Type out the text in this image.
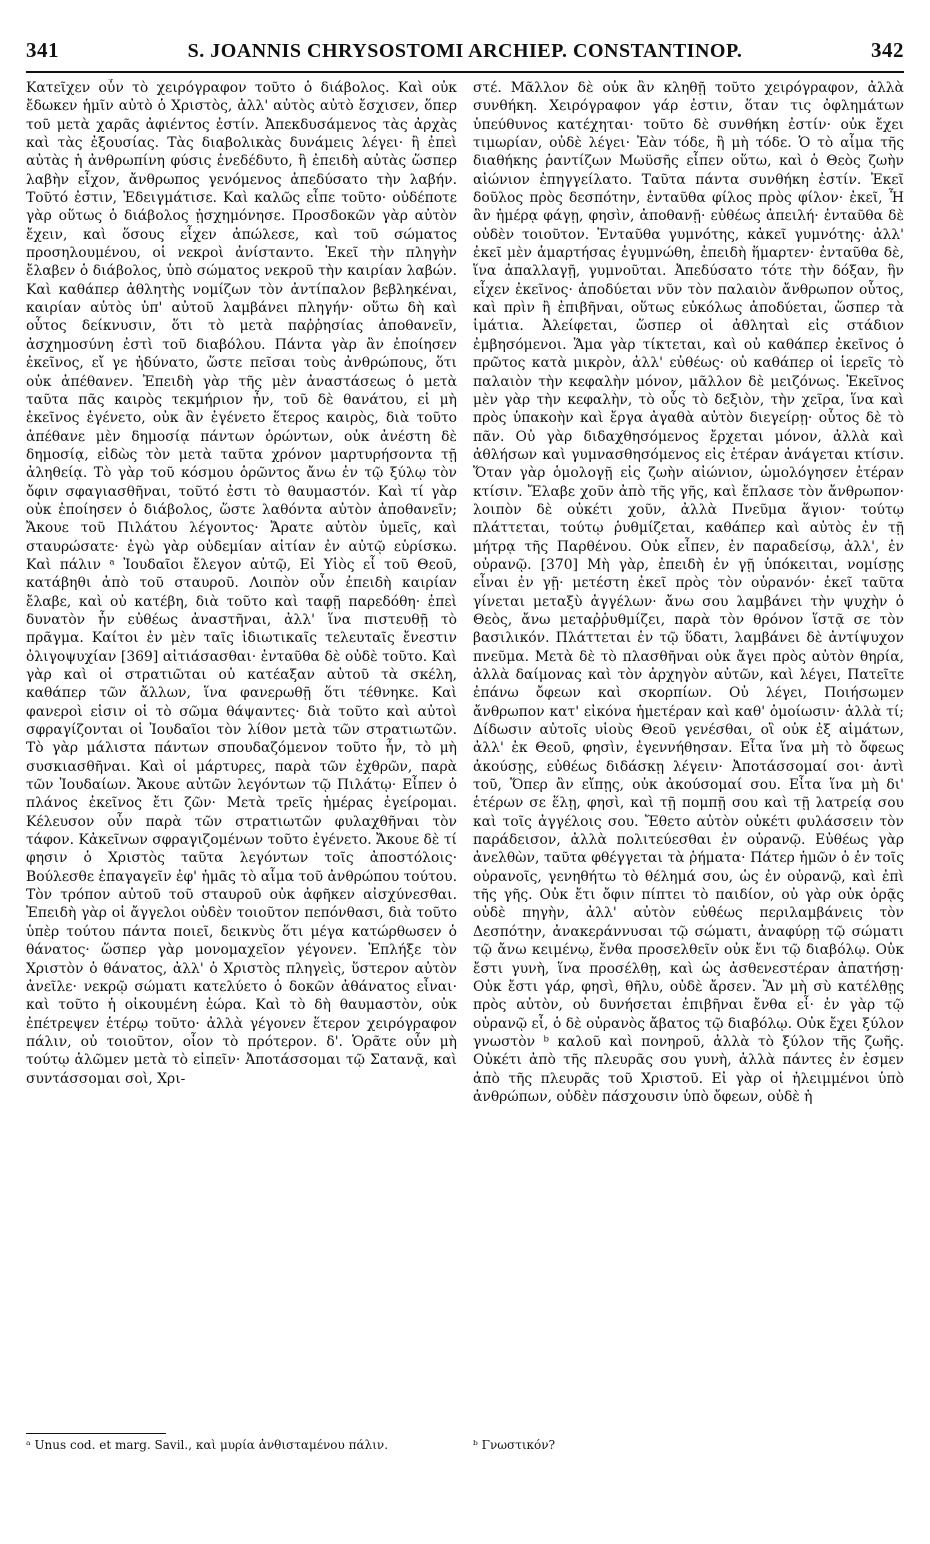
341	S. JOANNIS CHRYSOSTOMI ARCHIEP. CONSTANTINOP.	342

Κατεῖχεν οὖν τὸ χειρόγραφον τοῦτο ὁ διάβολος. Καὶ οὐκ ἔδωκεν ἡμῖν αὐτὸ ὁ Χριστὸς, ἀλλ' αὐτὸς αὐτὸ ἔσχισεν, ὅπερ τοῦ μετὰ χαρᾶς ἀφιέντος ἐστίν. Ἀπεκδυσάμενος τὰς ἀρχὰς καὶ τὰς ἐξουσίας. Τὰς διαβολικὰς δυνάμεις λέγει· ἢ ἐπεὶ αὐτὰς ἡ ἀνθρωπίνη φύσις ἐνεδέδυτο, ἢ ἐπειδὴ αὐτὰς ὥσπερ λαβὴν εἶχον, ἄνθρωπος γενόμενος ἀπεδύσατο τὴν λαβήν. Τοῦτό ἐστιν, Ἐδειγμάτισε. Καὶ καλῶς εἶπε τοῦτο· οὐδέποτε γὰρ οὕτως ὁ διάβολος ᾐσχημόνησε. Προσδοκῶν γὰρ αὐτὸν ἔχειν, καὶ ὅσους εἶχεν ἀπώλεσε, καὶ τοῦ σώματος προσηλουμένου, οἱ νεκροὶ ἀνίσταντο. Ἐκεῖ τὴν πληγὴν ἔλαβεν ὁ διάβολος, ὑπὸ σώματος νεκροῦ τὴν καιρίαν λαβών. Καὶ καθάπερ ἀθλητὴς νομίζων τὸν ἀντίπαλον βεβληκέναι, καιρίαν αὐτὸς ὑπ' αὐτοῦ λαμβάνει πληγήν· οὕτω δὴ καὶ οὗτος δείκνυσιν, ὅτι τὸ μετὰ παῤῥησίας ἀποθανεῖν, ἀσχημοσύνη ἐστὶ τοῦ διαβόλου. Πάντα γὰρ ἂν ἐποίησεν ἐκεῖνος, εἴ γε ἠδύνατο, ὥστε πεῖσαι τοὺς ἀνθρώπους, ὅτι οὐκ ἀπέθανεν. Ἐπειδὴ γὰρ τῆς μὲν ἀναστάσεως ὁ μετὰ ταῦτα πᾶς καιρὸς τεκμήριον ἦν, τοῦ δὲ θανάτου, εἰ μὴ ἐκεῖνος ἐγένετο, οὐκ ἂν ἐγένετο ἕτερος καιρὸς, διὰ τοῦτο ἀπέθανε μὲν δημοσίᾳ πάντων ὁρώντων, οὐκ ἀνέστη δὲ δημοσίᾳ, εἰδὼς τὸν μετὰ ταῦτα χρόνον μαρτυρήσοντα τῇ ἀληθείᾳ. Τὸ γὰρ τοῦ κόσμου ὁρῶντος ἄνω ἐν τῷ ξύλῳ τὸν ὄφιν σφαγιασθῆναι, τοῦτό ἐστι τὸ θαυμαστόν. Καὶ τί γὰρ οὐκ ἐποίησεν ὁ διάβολος, ὥστε λαθόντα αὐτὸν ἀποθανεῖν; Ἄκουε τοῦ Πιλάτου λέγοντος· Ἄρατε αὐτὸν ὑμεῖς, καὶ σταυρώσατε· ἐγὼ γὰρ οὐδεμίαν αἰτίαν ἐν αὐτῷ εὑρίσκω. Καὶ πάλιν ᵃ Ἰουδαῖοι ἔλεγον αὐτῷ, Εἰ Υἱὸς εἶ τοῦ Θεοῦ, κατάβηθι ἀπὸ τοῦ σταυροῦ. Λοιπὸν οὖν ἐπειδὴ καιρίαν ἔλαβε, καὶ οὐ κατέβη, διὰ τοῦτο καὶ ταφῇ παρεδόθη· ἐπεὶ δυνατὸν ἦν εὐθέως ἀναστῆναι, ἀλλ' ἵνα πιστευθῇ τὸ πρᾶγμα. Καίτοι ἐν μὲν ταῖς ἰδιωτικαῖς τελευταῖς ἔνεστιν ὀλιγοψυχίαν [369] αἰτιάσασθαι· ἐνταῦθα δὲ οὐδὲ τοῦτο. Καὶ γὰρ καὶ οἱ στρατιῶται οὐ κατέαξαν αὐτοῦ τὰ σκέλη, καθάπερ τῶν ἄλλων, ἵνα φανερωθῇ ὅτι τέθνηκε. Καὶ φανεροὶ εἰσιν οἱ τὸ σῶμα θάψαντες· διὰ τοῦτο καὶ αὐτοὶ σφραγίζονται οἱ Ἰουδαῖοι τὸν λίθον μετὰ τῶν στρατιωτῶν. Τὸ γὰρ μάλιστα πάντων σπουδαζόμενον τοῦτο ἦν, τὸ μὴ συσκιασθῆναι. Καὶ οἱ μάρτυρες, παρὰ τῶν ἐχθρῶν, παρὰ τῶν Ἰουδαίων. Ἄκουε αὐτῶν λεγόντων τῷ Πιλάτῳ· Εἶπεν ὁ πλάνος ἐκεῖνος ἔτι ζῶν· Μετὰ τρεῖς ἡμέρας ἐγείρομαι. Κέλευσον οὖν παρὰ τῶν στρατιωτῶν φυλαχθῆναι τὸν τάφον. Κἀκεῖνων σφραγιζομένων τοῦτο ἐγένετο. Ἄκουε δὲ τί φησιν ὁ Χριστὸς ταῦτα λεγόντων τοῖς ἀποστόλοις· Βούλεσθε ἐπαγαγεῖν ἐφ' ἡμᾶς τὸ αἷμα τοῦ ἀνθρώπου τούτου. Τὸν τρόπον αὐτοῦ τοῦ σταυροῦ οὐκ ἀφῆκεν αἰσχύνεσθαι. Ἐπειδὴ γὰρ οἱ ἄγγελοι οὐδὲν τοιοῦτον πεπόνθασι, διὰ τοῦτο ὑπὲρ τούτου πάντα ποιεῖ, δεικνὺς ὅτι μέγα κατώρθωσεν ὁ θάνατος· ὥσπερ γὰρ μονομαχεῖον γέγονεν. Ἐπλήξε τὸν Χριστὸν ὁ θάνατος, ἀλλ' ὁ Χριστὸς πληγεὶς, ὕστερον αὐτὸν ἀνεῖλε· νεκρῷ σώματι κατελύετο ὁ δοκῶν ἀθάνατος εἶναι· καὶ τοῦτο ἡ οἰκουμένη ἑώρα. Καὶ τὸ δὴ θαυμαστὸν, οὐκ ἐπέτρεψεν ἑτέρῳ τοῦτο· ἀλλὰ γέγονεν ἕτερον χειρόγραφον πάλιν, οὐ τοιοῦτον, οἷον τὸ πρότερον. δ'. Ὁρᾶτε οὖν μὴ τούτῳ ἁλῶμεν μετὰ τὸ εἰπεῖν· Ἀποτάσσομαι τῷ Σατανᾷ, καὶ συντάσσομαι σοὶ, Χρι-

στέ. Μᾶλλον δὲ οὐκ ἂν κληθῇ τοῦτο χειρόγραφον, ἀλλὰ συνθήκη. Χειρόγραφον γάρ ἐστιν, ὅταν τις ὀφλημάτων ὑπεύθυνος κατέχηται· τοῦτο δὲ συνθήκη ἐστίν· οὐκ ἔχει τιμωρίαν, οὐδὲ λέγει· Ἐὰν τόδε, ἢ μὴ τόδε. Ὁ τὸ αἷμα τῆς διαθήκης ῥαντίζων Μωϋσῆς εἶπεν οὕτω, καὶ ὁ Θεὸς ζωὴν αἰώνιον ἐπηγγείλατο. Ταῦτα πάντα συνθήκη ἐστίν. Ἐκεῖ δοῦλος πρὸς δεσπότην, ἐνταῦθα φίλος πρὸς φίλον· ἐκεῖ, Ἧ ἂν ἡμέρᾳ φάγῃ, φησὶν, ἀποθανῇ· εὐθέως ἀπειλή· ἐνταῦθα δὲ οὐδὲν τοιοῦτον. Ἐνταῦθα γυμνότης, κἀκεῖ γυμνότης· ἀλλ' ἐκεῖ μὲν ἁμαρτήσας ἐγυμνώθη, ἐπειδὴ ἥμαρτεν· ἐνταῦθα δὲ, ἵνα ἀπαλλαγῇ, γυμνοῦται. Ἀπεδύσατο τότε τὴν δόξαν, ἣν εἶχεν ἐκεῖνος· ἀποδύεται νῦν τὸν παλαιὸν ἄνθρωπον οὗτος, καὶ πρὶν ἢ ἐπιβῆναι, οὕτως εὐκόλως ἀποδύεται, ὥσπερ τὰ ἱμάτια. Ἀλείφεται, ὥσπερ οἱ ἀθληταὶ εἰς στάδιον ἐμβησόμενοι. Ἅμα γὰρ τίκτεται, καὶ οὐ καθάπερ ἐκεῖνος ὁ πρῶτος κατὰ μικρὸν, ἀλλ' εὐθέως· οὐ καθάπερ οἱ ἱερεῖς τὸ παλαιὸν τὴν κεφαλὴν μόνον, μᾶλλον δὲ μειζόνως. Ἐκεῖνος μὲν γὰρ τὴν κεφαλὴν, τὸ οὖς τὸ δεξιὸν, τὴν χεῖρα, ἵνα καὶ πρὸς ὑπακοὴν καὶ ἔργα ἀγαθὰ αὐτὸν διεγείρῃ· οὗτος δὲ τὸ πᾶν. Οὐ γὰρ διδαχθησόμενος ἔρχεται μόνον, ἀλλὰ καὶ ἀθλήσων καὶ γυμνασθησόμενος εἰς ἑτέραν ἀνάγεται κτίσιν. Ὅταν γὰρ ὁμολογῇ εἰς ζωὴν αἰώνιον, ὡμολόγησεν ἑτέραν κτίσιν. Ἔλαβε χοῦν ἀπὸ τῆς γῆς, καὶ ἔπλασε τὸν ἄνθρωπον· λοιπὸν δὲ οὐκέτι χοῦν, ἀλλὰ Πνεῦμα ἅγιον· τούτῳ πλάττεται, τούτῳ ῥυθμίζεται, καθάπερ καὶ αὐτὸς ἐν τῇ μήτρᾳ τῆς Παρθένου. Οὐκ εἶπεν, ἐν παραδείσῳ, ἀλλ', ἐν οὐρανῷ. [370] Μὴ γὰρ, ἐπειδὴ ἐν γῇ ὑπόκειται, νομίσῃς εἶναι ἐν γῇ· μετέστη ἐκεῖ πρὸς τὸν οὐρανόν· ἐκεῖ ταῦτα γίνεται μεταξὺ ἀγγέλων· ἄνω σου λαμβάνει τὴν ψυχὴν ὁ Θεὸς, ἄνω μεταῤῥυθμίζει, παρὰ τὸν θρόνον ἵστᾷ σε τὸν βασιλικόν. Πλάττεται ἐν τῷ ὕδατι, λαμβάνει δὲ ἀντίψυχον πνεῦμα. Μετὰ δὲ τὸ πλασθῆναι οὐκ ἄγει πρὸς αὐτὸν θηρία, ἀλλὰ δαίμονας καὶ τὸν ἀρχηγὸν αὐτῶν, καὶ λέγει, Πατεῖτε ἐπάνω ὄφεων καὶ σκορπίων. Οὐ λέγει, Ποιήσωμεν ἄνθρωπον κατ' εἰκόνα ἡμετέραν καὶ καθ' ὁμοίωσιν· ἀλλὰ τί; Δίδωσιν αὐτοῖς υἱοὺς Θεοῦ γενέσθαι, οἳ οὐκ ἐξ αἱμάτων, ἀλλ' ἐκ Θεοῦ, φησὶν, ἐγεννήθησαν. Εἶτα ἵνα μὴ τὸ ὄφεως ἀκούσῃς, εὐθέως διδάσκῃ λέγειν· Ἀποτάσσομαί σοι· ἀντὶ τοῦ, Ὅπερ ἂν εἴπῃς, οὐκ ἀκούσομαί σου. Εἶτα ἵνα μὴ δι' ἑτέρων σε ἕλῃ, φησὶ, καὶ τῇ πομπῇ σου καὶ τῇ λατρείᾳ σου καὶ τοῖς ἀγγέλοις σου. Ἔθετο αὐτὸν οὐκέτι φυλάσσειν τὸν παράδεισον, ἀλλὰ πολιτεύεσθαι ἐν οὐρανῷ. Εὐθέως γὰρ ἀνελθὼν, ταῦτα φθέγγεται τὰ ῥήματα· Πάτερ ἡμῶν ὁ ἐν τοῖς οὐρανοῖς, γενηθήτω τὸ θέλημά σου, ὡς ἐν οὐρανῷ, καὶ ἐπὶ τῆς γῆς. Οὐκ ἔτι ὄφιν πίπτει τὸ παιδίον, οὐ γὰρ οὐκ ὁρᾷς οὐδὲ πηγὴν, ἀλλ' αὐτὸν εὐθέως περιλαμβάνεις τὸν Δεσπότην, ἀνακεράννυσαι τῷ σώματι, ἀναφύρῃ τῷ σώματι τῷ ἄνω κειμένῳ, ἔνθα προσελθεῖν οὐκ ἔνι τῷ διαβόλῳ. Οὐκ ἔστι γυνὴ, ἵνα προσέλθῃ, καὶ ὡς ἀσθενεστέραν ἀπατήσῃ· Οὐκ ἔστι γάρ, φησὶ, θῆλυ, οὐδὲ ἄρσεν. Ἂν μὴ σὺ κατέλθῃς πρὸς αὐτὸν, οὐ δυνήσεται ἐπιβῆναι ἔνθα εἶ· ἐν γὰρ τῷ οὐρανῷ εἶ, ὁ δὲ οὐρανὸς ἄβατος τῷ διαβόλῳ. Οὐκ ἔχει ξύλον γνωστὸν ᵇ καλοῦ καὶ πονηροῦ, ἀλλὰ τὸ ξύλον τῆς ζωῆς. Οὐκέτι ἀπὸ τῆς πλευρᾶς σου γυνὴ, ἀλλὰ πάντες ἐν ἐσμεν ἀπὸ τῆς πλευρᾶς τοῦ Χριστοῦ. Εἰ γὰρ οἱ ἠλειμμένοι ὑπὸ ἀνθρώπων, οὐδὲν πάσχουσιν ὑπὸ ὄφεων, οὐδὲ ἡ

ᵃ Unus cod. et marg. Savil., καὶ μυρία ἀνθισταμένου πάλιν.	ᵇ Γνωστικόν?
